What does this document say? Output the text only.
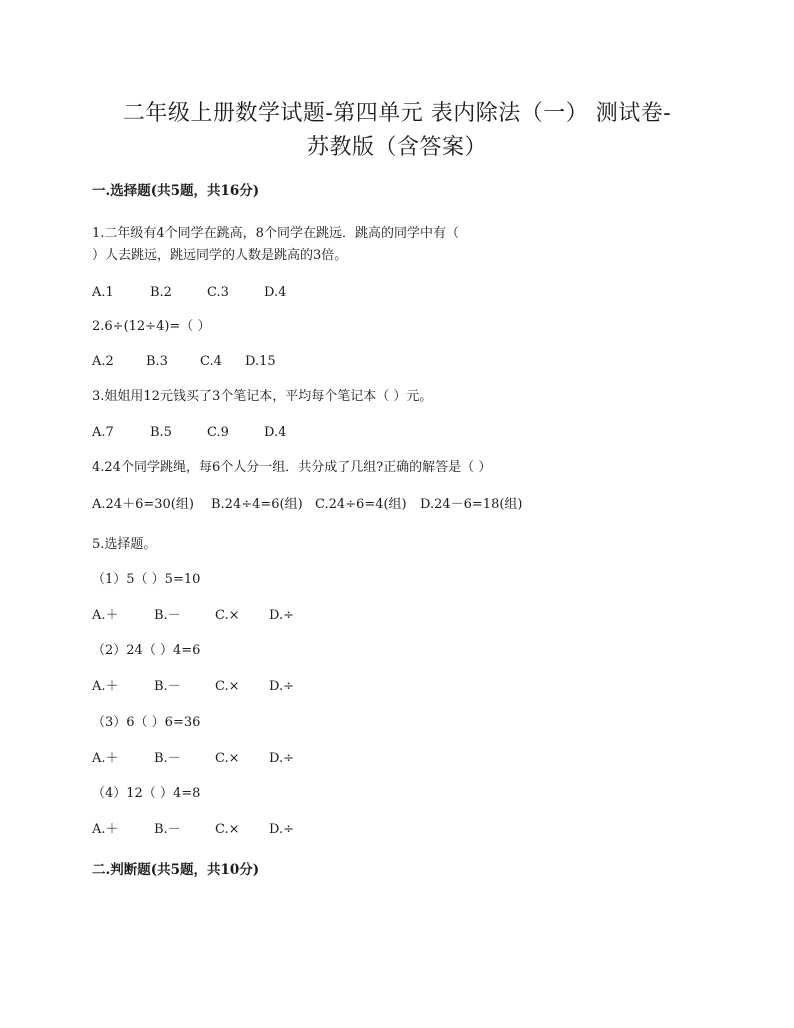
二年级上册数学试题-第四单元 表内除法（一） 测试卷-
苏教版（含答案）
一.选择题(共5题，共16分)
1.二年级有4个同学在跳高，8个同学在跳远．跳高的同学中有（
）人去跳远，跳远同学的人数是跳高的3倍。
A.1	B.2	C.3	D.4
2.6÷(12÷4)=（ ）
A.2	B.3	C.4	D.15
3.姐姐用12元钱买了3个笔记本，平均每个笔记本（ ）元。
A.7	B.5	C.9	D.4
4.24个同学跳绳，每6个人分一组．共分成了几组?正确的解答是（ ）
A.24＋6=30(组)	B.24÷4=6(组) C.24÷6=4(组)	D.24－6=18(组)
5.选择题。
（1）5（ ）5=10
A.＋	B.－	C.×	D.÷
（2）24（ ）4=6
A.＋	B.－	C.×	D.÷
（3）6（ ）6=36
A.＋	B.－	C.×	D.÷
（4）12（ ）4=8
A.＋	B.－	C.×	D.÷
二.判断题(共5题，共10分)
